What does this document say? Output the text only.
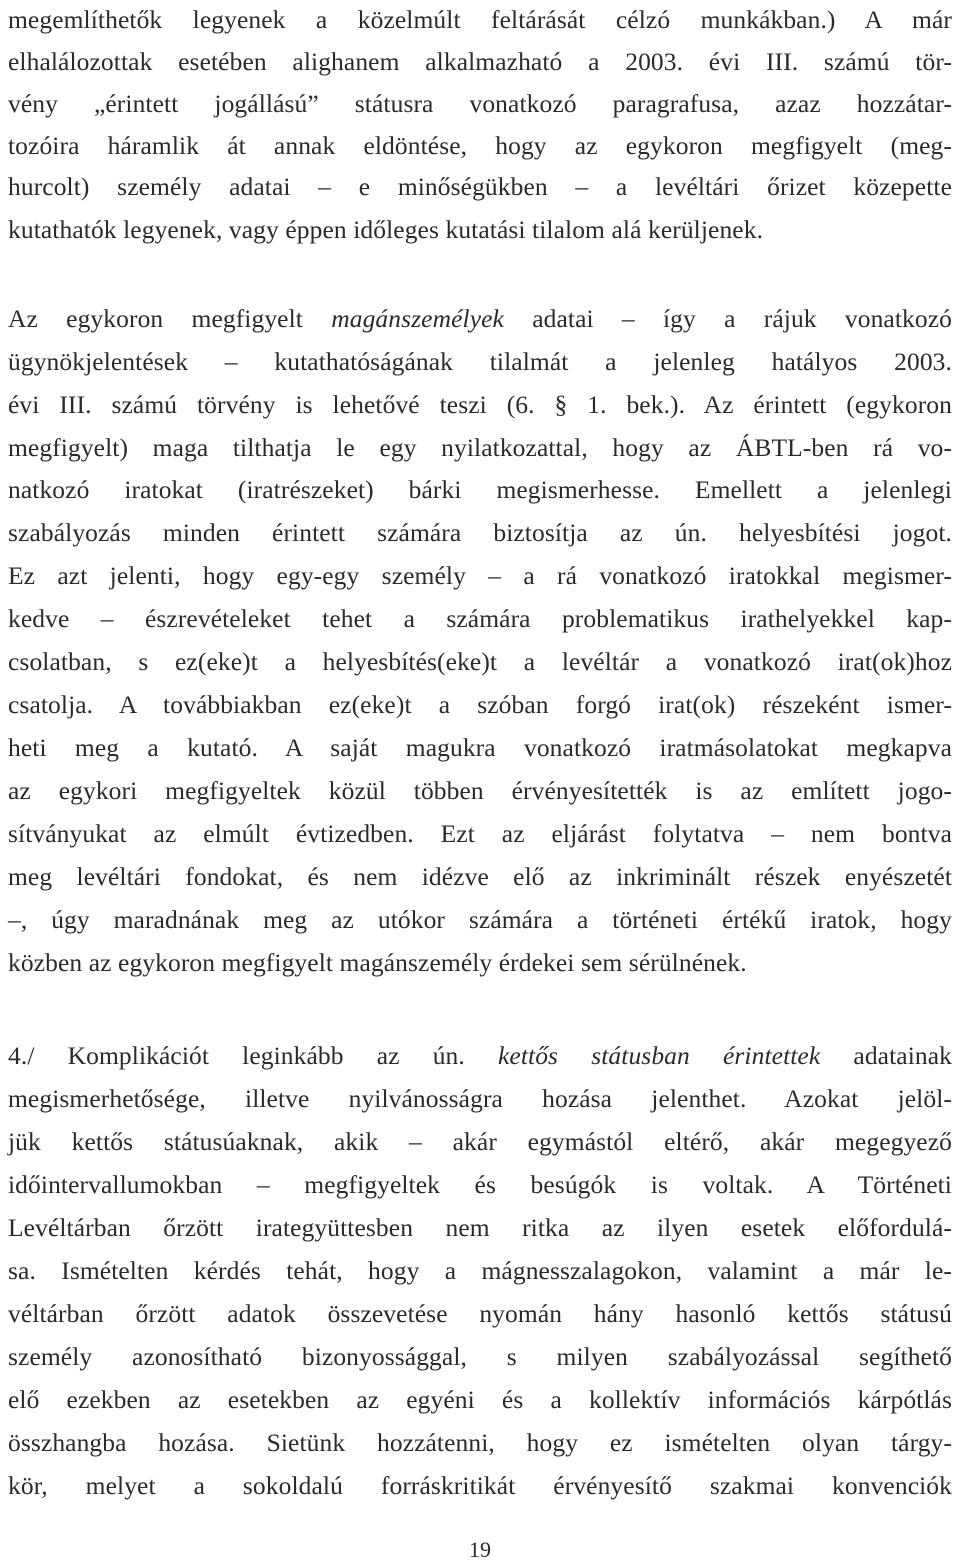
megemlíthetők legyenek a közelmúlt feltárását célzó munkákban.) A már
elhalálozottak esetében alighanem alkalmazható a 2003. évi III. számú tör-
vény „érintett jogállású” státusra vonatkozó paragrafusa, azaz hozzátar-
tozóira háramlik át annak eldöntése, hogy az egykoron megfigyelt (meg-
hurcolt) személy adatai – e minőségükben – a levéltári őrizet közepette
kutathatók legyenek, vagy éppen időleges kutatási tilalom alá kerüljenek.
Az egykoron megfigyelt magánszemélyek adatai – így a rájuk vonatkozó
ügynökjelentések – kutathatóságának tilalmát a jelenleg hatályos 2003.
évi III. számú törvény is lehetővé teszi (6. § 1. bek.). Az érintett (egykoron
megfigyelt) maga tilthatja le egy nyilatkozattal, hogy az ÁBTL-ben rá vo-
natkozó iratokat (iratrészeket) bárki megismerhesse. Emellett a jelenlegi
szabályozás minden érintett számára biztosítja az ún. helyesbítési jogot.
Ez azt jelenti, hogy egy-egy személy – a rá vonatkozó iratokkal megismer-
kedve – észrevételeket tehet a számára problematikus irathelyekkel kap-
csolatban, s ez(eke)t a helyesbítés(eke)t a levéltár a vonatkozó irat(ok)hoz
csatolja. A továbbiakban ez(eke)t a szóban forgó irat(ok) részeként ismer-
heti meg a kutató. A saját magukra vonatkozó iratmásolatokat megkapva
az egykori megfigyeltek közül többen érvényesítették is az említett jogo-
sítványukat az elmúlt évtizedben. Ezt az eljárást folytatva – nem bontva
meg levéltári fondokat, és nem idézve elő az inkriminált részek enyészetét
–, úgy maradnának meg az utókor számára a történeti értékű iratok, hogy
közben az egykoron megfigyelt magánszemély érdekei sem sérülnének.
4./ Komplikációt leginkább az ún. kettős státusban érintettek adatainak
megismerhetősége, illetve nyilvánosságra hozása jelenthet. Azokat jelöl-
jük kettős státusúaknak, akik – akár egymástól eltérő, akár megegyező
időintervallumokban – megfigyeltek és besúgók is voltak. A Történeti
Levéltárban őrzött irategyüttesben nem ritka az ilyen esetek előfordulá-
sa. Ismételten kérdés tehát, hogy a mágnesszalagokon, valamint a már le-
véltárban őrzött adatok összevetése nyomán hány hasonló kettős státusú
személy azonosítható bizonyossággal, s milyen szabályozással segíthető
elő ezekben az esetekben az egyéni és a kollektív információs kárpótlás
összhangba hozása. Sietünk hozzátenni, hogy ez ismételten olyan tárgy-
kör, melyet a sokoldalú forráskritikát érvényesítő szakmai konvenciók
19
